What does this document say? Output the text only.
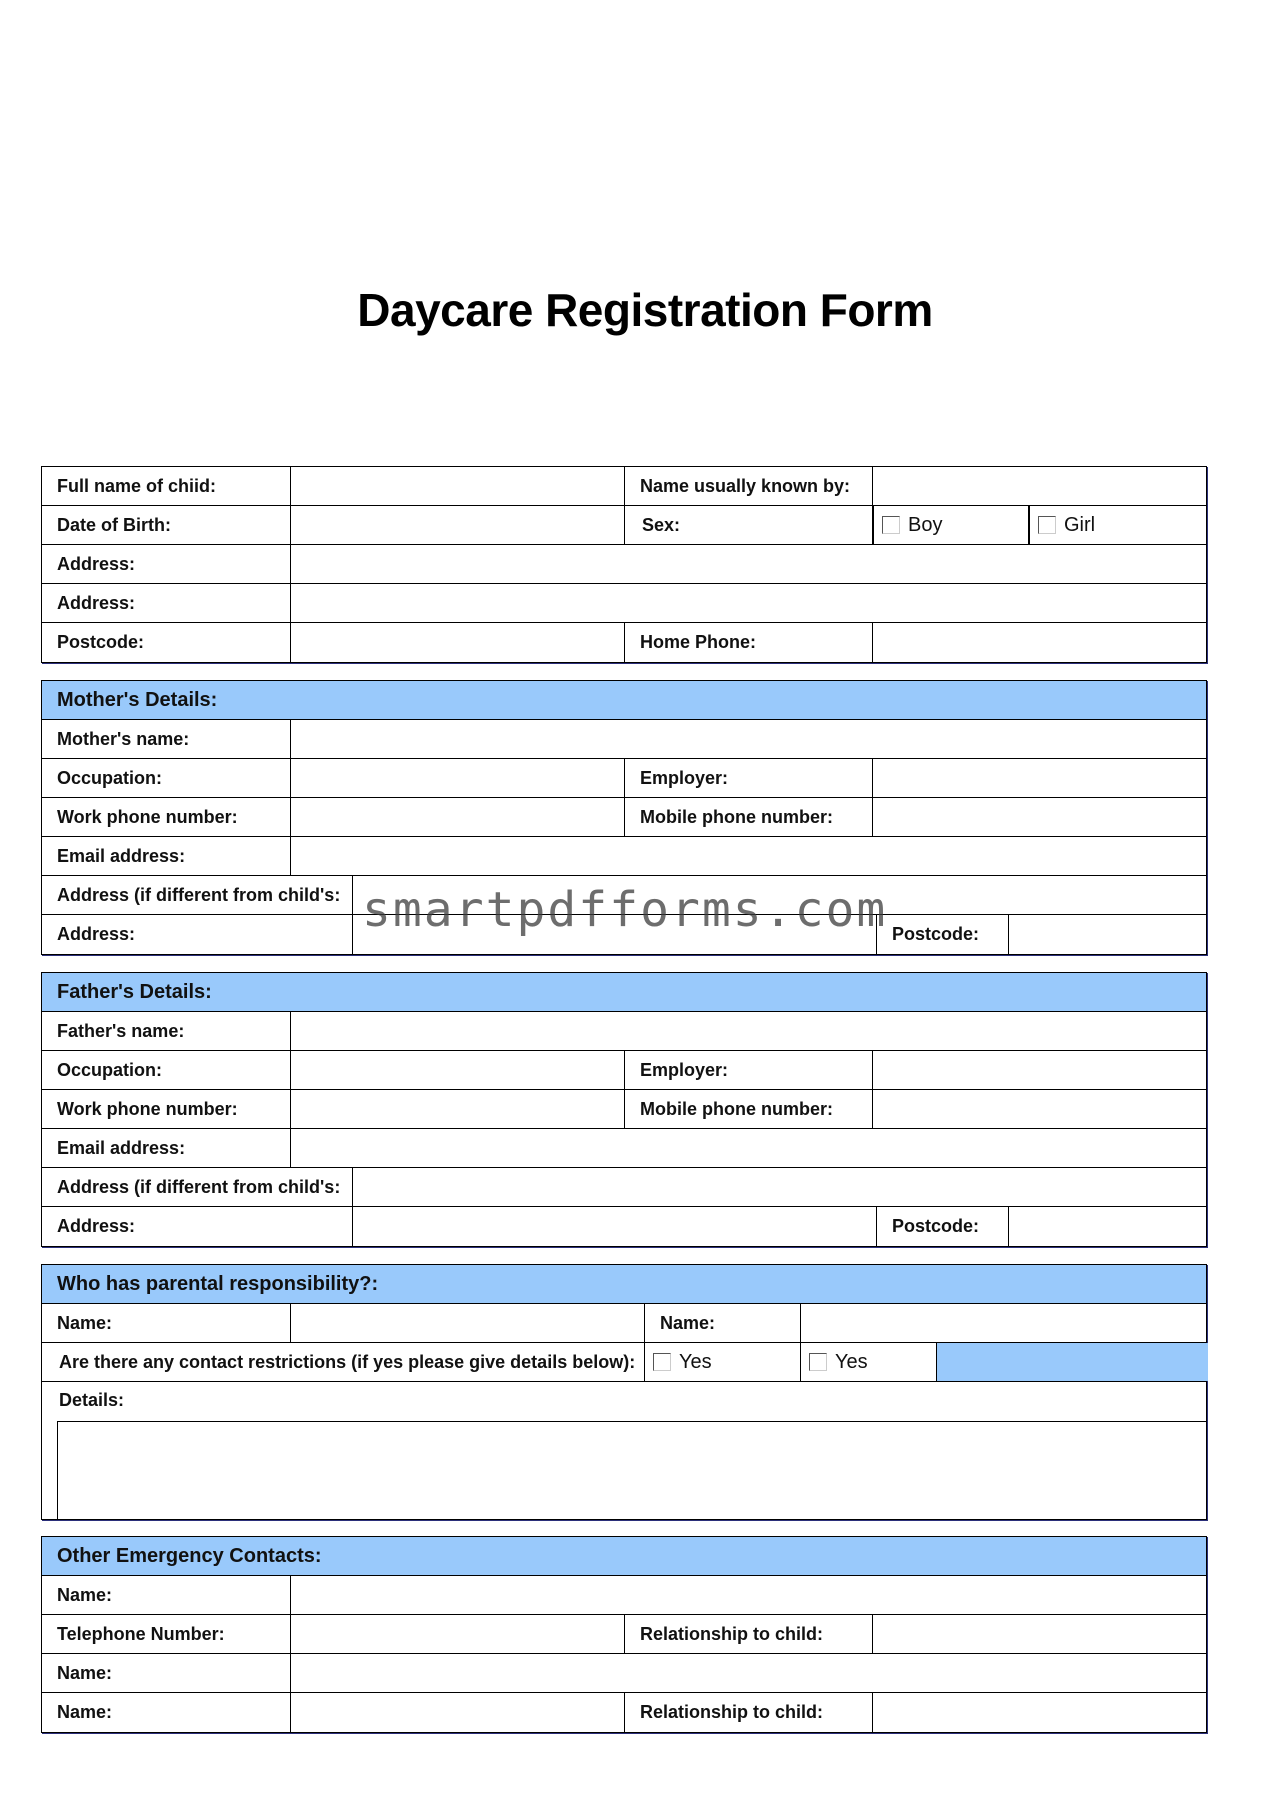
Daycare Registration Form
Full name of chiid:	Name usually known by:
Date of Birth:	Sex:	Boy	Girl
Address:
Address:
Postcode:	Home Phone:
Mother's Details:
Mother's name:
Occupation:	Employer:
Work phone number:	Mobile phone number:
Email address:
Address (if different from child's:
Address:	Postcode:
Father's Details:
Father's name:
Occupation:	Employer:
Work phone number:	Mobile phone number:
Email address:
Address (if different from child's:
Address:	Postcode:
Who has parental responsibility?:
Name:	Name:
Are there any contact restrictions (if yes please give details below):	Yes	Yes
Details:
Other Emergency Contacts:
Name:
Telephone Number:	Relationship to child:
Name:
Name:	Relationship to child:
smartpdfforms.com
